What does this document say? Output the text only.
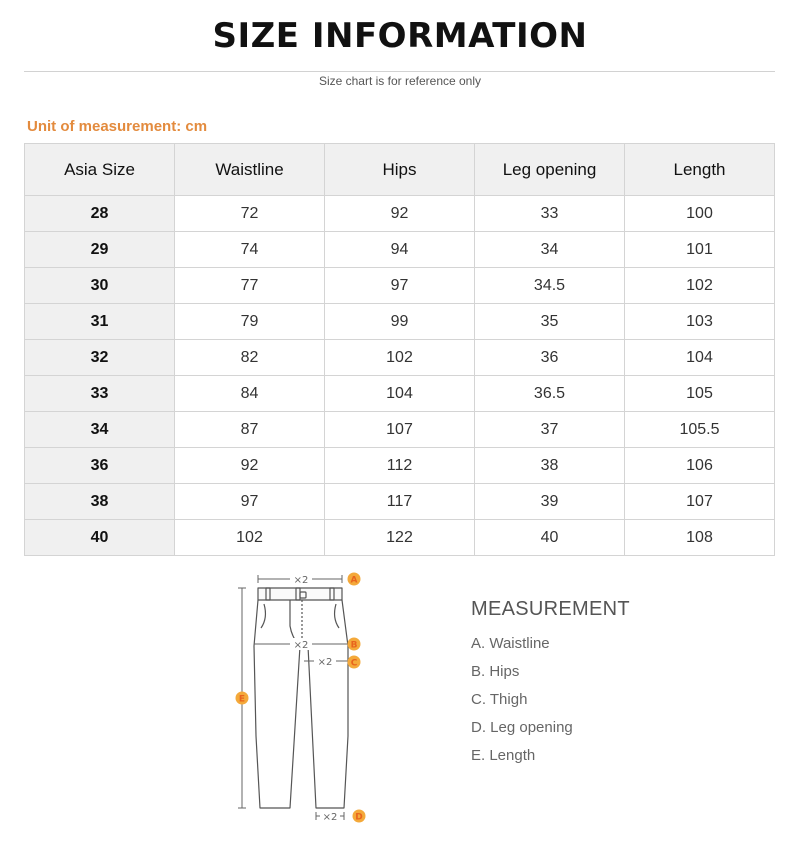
SIZE INFORMATION
Size chart is for reference only
Unit of measurement: cm
Asia Size	Waistline	Hips	Leg opening	Length
28	72	92	33	100
29	74	94	34	101
30	77	97	34.5	102
31	79	99	35	103
32	82	102	36	104
33	84	104	36.5	105
34	87	107	37	105.5
36	92	112	38	106
38	97	117	39	107
40	102	122	40	108
×2	A
×2	B
×2 C
×2 D
E
MEASUREMENT
A. Waistline
B. Hips
C. Thigh
D. Leg opening
E. Length
